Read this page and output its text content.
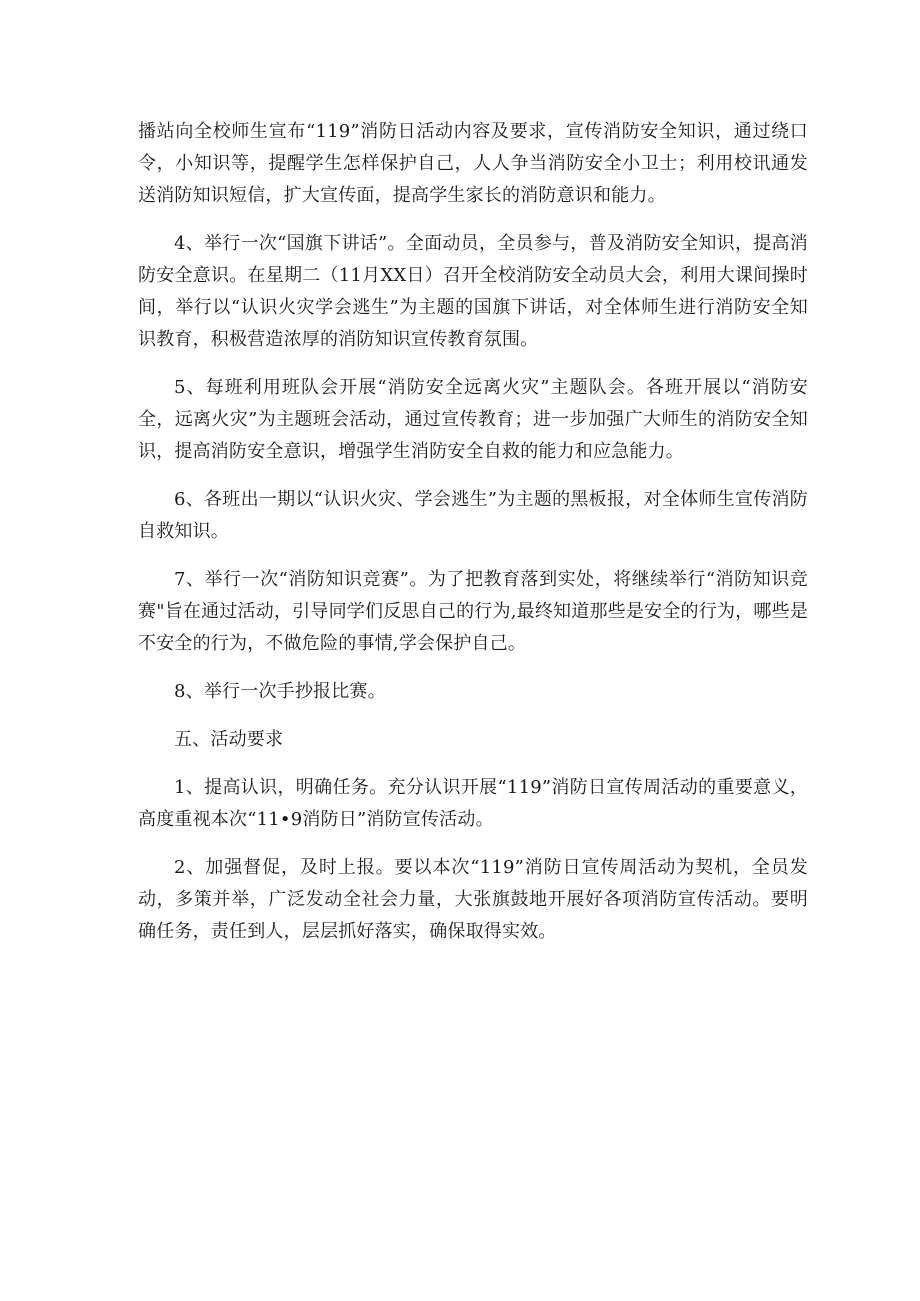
播站向全校师生宣布“119”消防日活动内容及要求，宣传消防安全知识，通过绕口令，小知识等，提醒学生怎样保护自己，人人争当消防安全小卫士；利用校讯通发送消防知识短信，扩大宣传面，提高学生家长的消防意识和能力。

4、举行一次“国旗下讲话”。全面动员，全员参与，普及消防安全知识，提高消防安全意识。在星期二（11月XX日）召开全校消防安全动员大会，利用大课间操时间，举行以“认识火灾学会逃生”为主题的国旗下讲话，对全体师生进行消防安全知识教育，积极营造浓厚的消防知识宣传教育氛围。

5、每班利用班队会开展“消防安全远离火灾”主题队会。各班开展以“消防安全，远离火灾”为主题班会活动，通过宣传教育；进一步加强广大师生的消防安全知识，提高消防安全意识，增强学生消防安全自救的能力和应急能力。

6、各班出一期以“认识火灾、学会逃生”为主题的黑板报，对全体师生宣传消防自救知识。

7、举行一次“消防知识竞赛”。为了把教育落到实处，将继续举行“消防知识竞赛"旨在通过活动，引导同学们反思自己的行为,最终知道那些是安全的行为，哪些是不安全的行为，不做危险的事情,学会保护自己。

8、举行一次手抄报比赛。

五、活动要求

1、提高认识，明确任务。充分认识开展“119”消防日宣传周活动的重要意义，高度重视本次“11•9消防日”消防宣传活动。

2、加强督促，及时上报。要以本次“119”消防日宣传周活动为契机，全员发动，多策并举，广泛发动全社会力量，大张旗鼓地开展好各项消防宣传活动。要明确任务，责任到人，层层抓好落实，确保取得实效。
